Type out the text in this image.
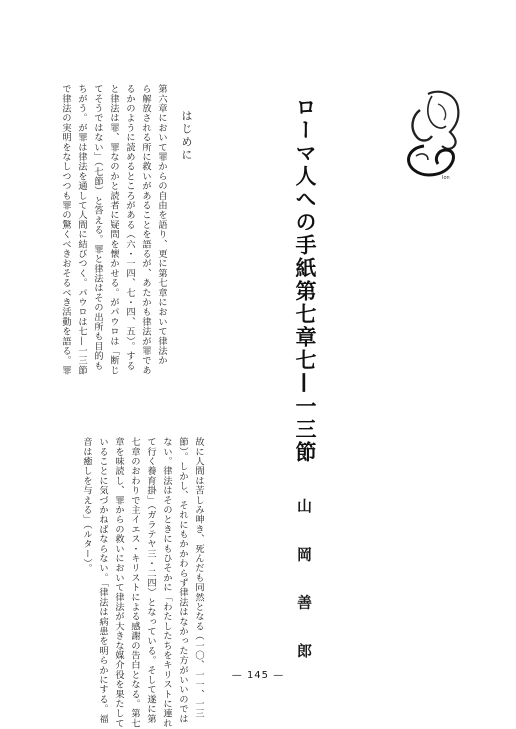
Ion
ローマ人への手紙第七章七—一三節
山 岡 善 郎
はじめに
第六章において罪からの自由を語り、更に第七章において律法か
ら解放される所に救いがあることを語るが、あたかも律法が罪であ
るかのように読めるところがある（六・一四、七・四、五）。する
と律法は罪、罪なのかと読者に疑問を懐かせる。がパウロは「断じ
てそうではない」（七節）と答える。罪と律法はその出所も目的も
ちがう。が罪は律法を通して人間に結びつく。パウロは七—一三節
で律法の実明をなしつつも罪の驚くべきおそるべき活動を語る。罪
故に人間は苦しみ呻き、死んだも同然となる（一〇、一一、一三
節）。しかし、それにもかかわらず律法はなかった方がいいのでは
ない。律法はそのときにもひそかに「わたしたちをキリストに連れ
て行く養育掛」（ガラテヤ三・二四）となっている。そして遂に第
七章のおわりで主イエス・キリストによる感謝の告白となる。第七
章を味読し、罪からの救いにおいて律法が大きな媒介役を果たして
いることに気づかねばならない。「律法は病患を明らかにする。福
音は癒しを与える」（ルター）。
— 145 —
